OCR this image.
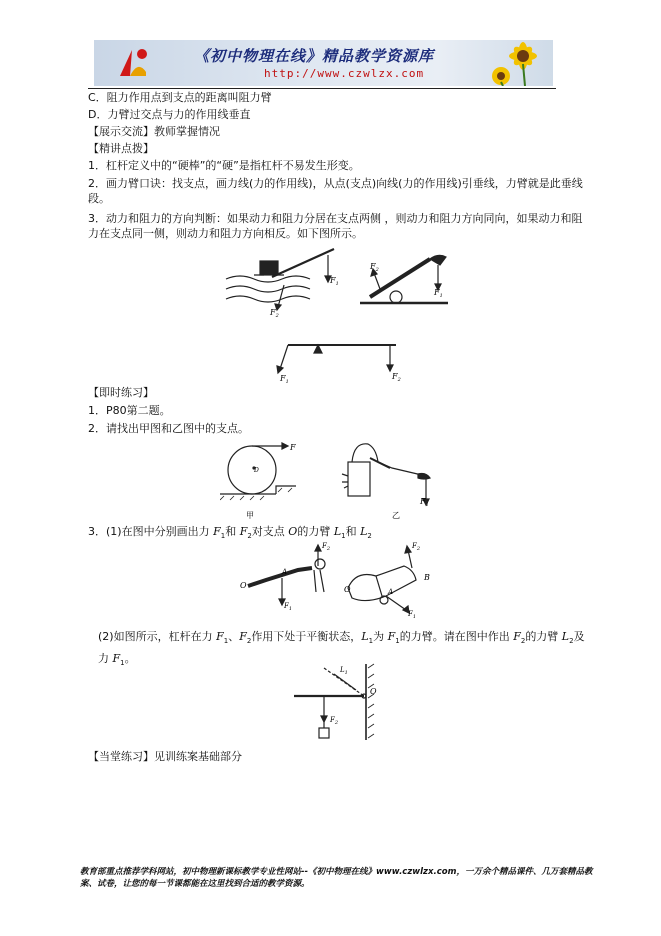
《初中物理在线》精品教学资源库
http://www.czwlzx.com
C．阻力作用点到支点的距离叫阻力臂
D．力臂过交点与力的作用线垂直
【展示交流】教师掌握情况
【精讲点拨】
1．杠杆定义中的“硬棒”的“硬”是指杠杆不易发生形变。
2．画力臂口诀：找支点，画力线(力的作用线)，从点(支点)向线(力的作用线)引垂线，力臂就是此垂线段。
3．动力和阻力的方向判断：如果动力和阻力分居在支点两侧 ，则动力和阻力方向同向，如果动力和阻力在支点同一侧，则动力和阻力方向相反。如下图所示。
$F_1$
$F_2$
$F_2$
$F_1$
$F_1$
$F_2$
【即时练习】
1．P80第二题。
2．请找出甲图和乙图中的支点。
D
F
$F_1$
甲	乙
3．(1)在图中分别画出力 $F_1$和 $F_2$对支点 O的力臂 $L_1$和 $L_2$
O
A
$F_1$
$F_2$
O
B
A
$F_2$
$F_1$
(2)如图所示，杠杆在力 $F_1$、$F_2$作用下处于平衡状态，$L_1$为 $F_1$的力臂。请在图中作出 $F_2$的力臂 $L_2$及力 $F_1$。
$L_1$
O
$F_2$
【当堂练习】见训练案基础部分
教育部重点推荐学科网站，初中物理新课标教学专业性网站--《初中物理在线》www.czwlzx.com，一万余个精品课件、几万套精品教案、试卷，让您的每一节课都能在这里找到合适的教学资源。
